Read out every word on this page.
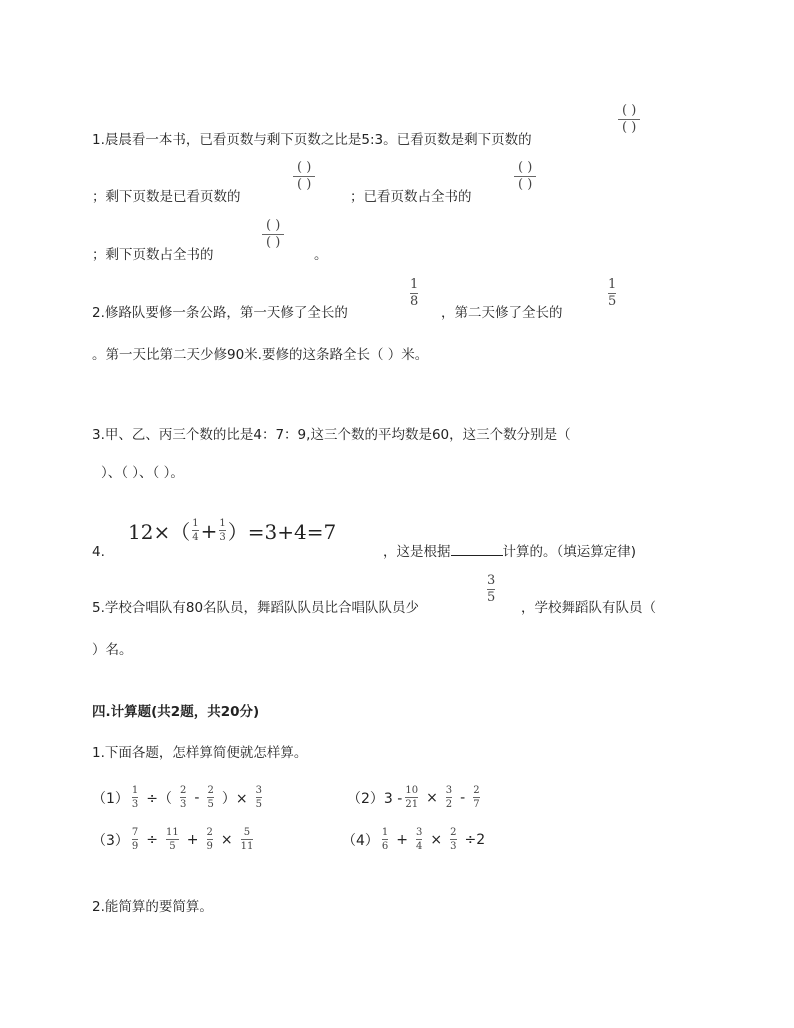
1.晨晨看一本书，已看页数与剩下页数之比是5:3。已看页数是剩下页数的
( )
( )
；剩下页数是已看页数的
( )
( )
；已看页数占全书的
( )
( )
；剩下页数占全书的
( )
( )
。
2.修路队要修一条公路，第一天修了全长的
1
8
，第二天修了全长的
1
5
。第一天比第二天少修90米.要修的这条路全长（ ）米。
3.甲、乙、丙三个数的比是4：7：9,这三个数的平均数是60，这三个数分别是（
）、（ ）、（ ）。
4.
$12\times( \frac{1}{4} + \frac{1}{3} )=3+4=7$
，这是根据	计算的。（填运算定律)
5.学校合唱队有80名队员，舞蹈队队员比合唱队队员少
3
5
，学校舞蹈队有队员（
）名。
四.计算题(共2题，共20分)
1.下面各题，怎样算简便就怎样算。
$(1) \frac{1}{3}$ ÷（ $\frac{2}{3} - \frac{2}{5}$ ）× $\frac{3}{5}$	$(2)3 - \frac{10}{21} \times \frac{3}{2} - \frac{2}{7}$
$(3) \frac{7}{9} \div \frac{11}{5} + \frac{2}{9} \times \frac{5}{11}$	$(4) \frac{1}{6} + \frac{3}{4} \times \frac{2}{3} \div 2$
2.能简算的要简算。
